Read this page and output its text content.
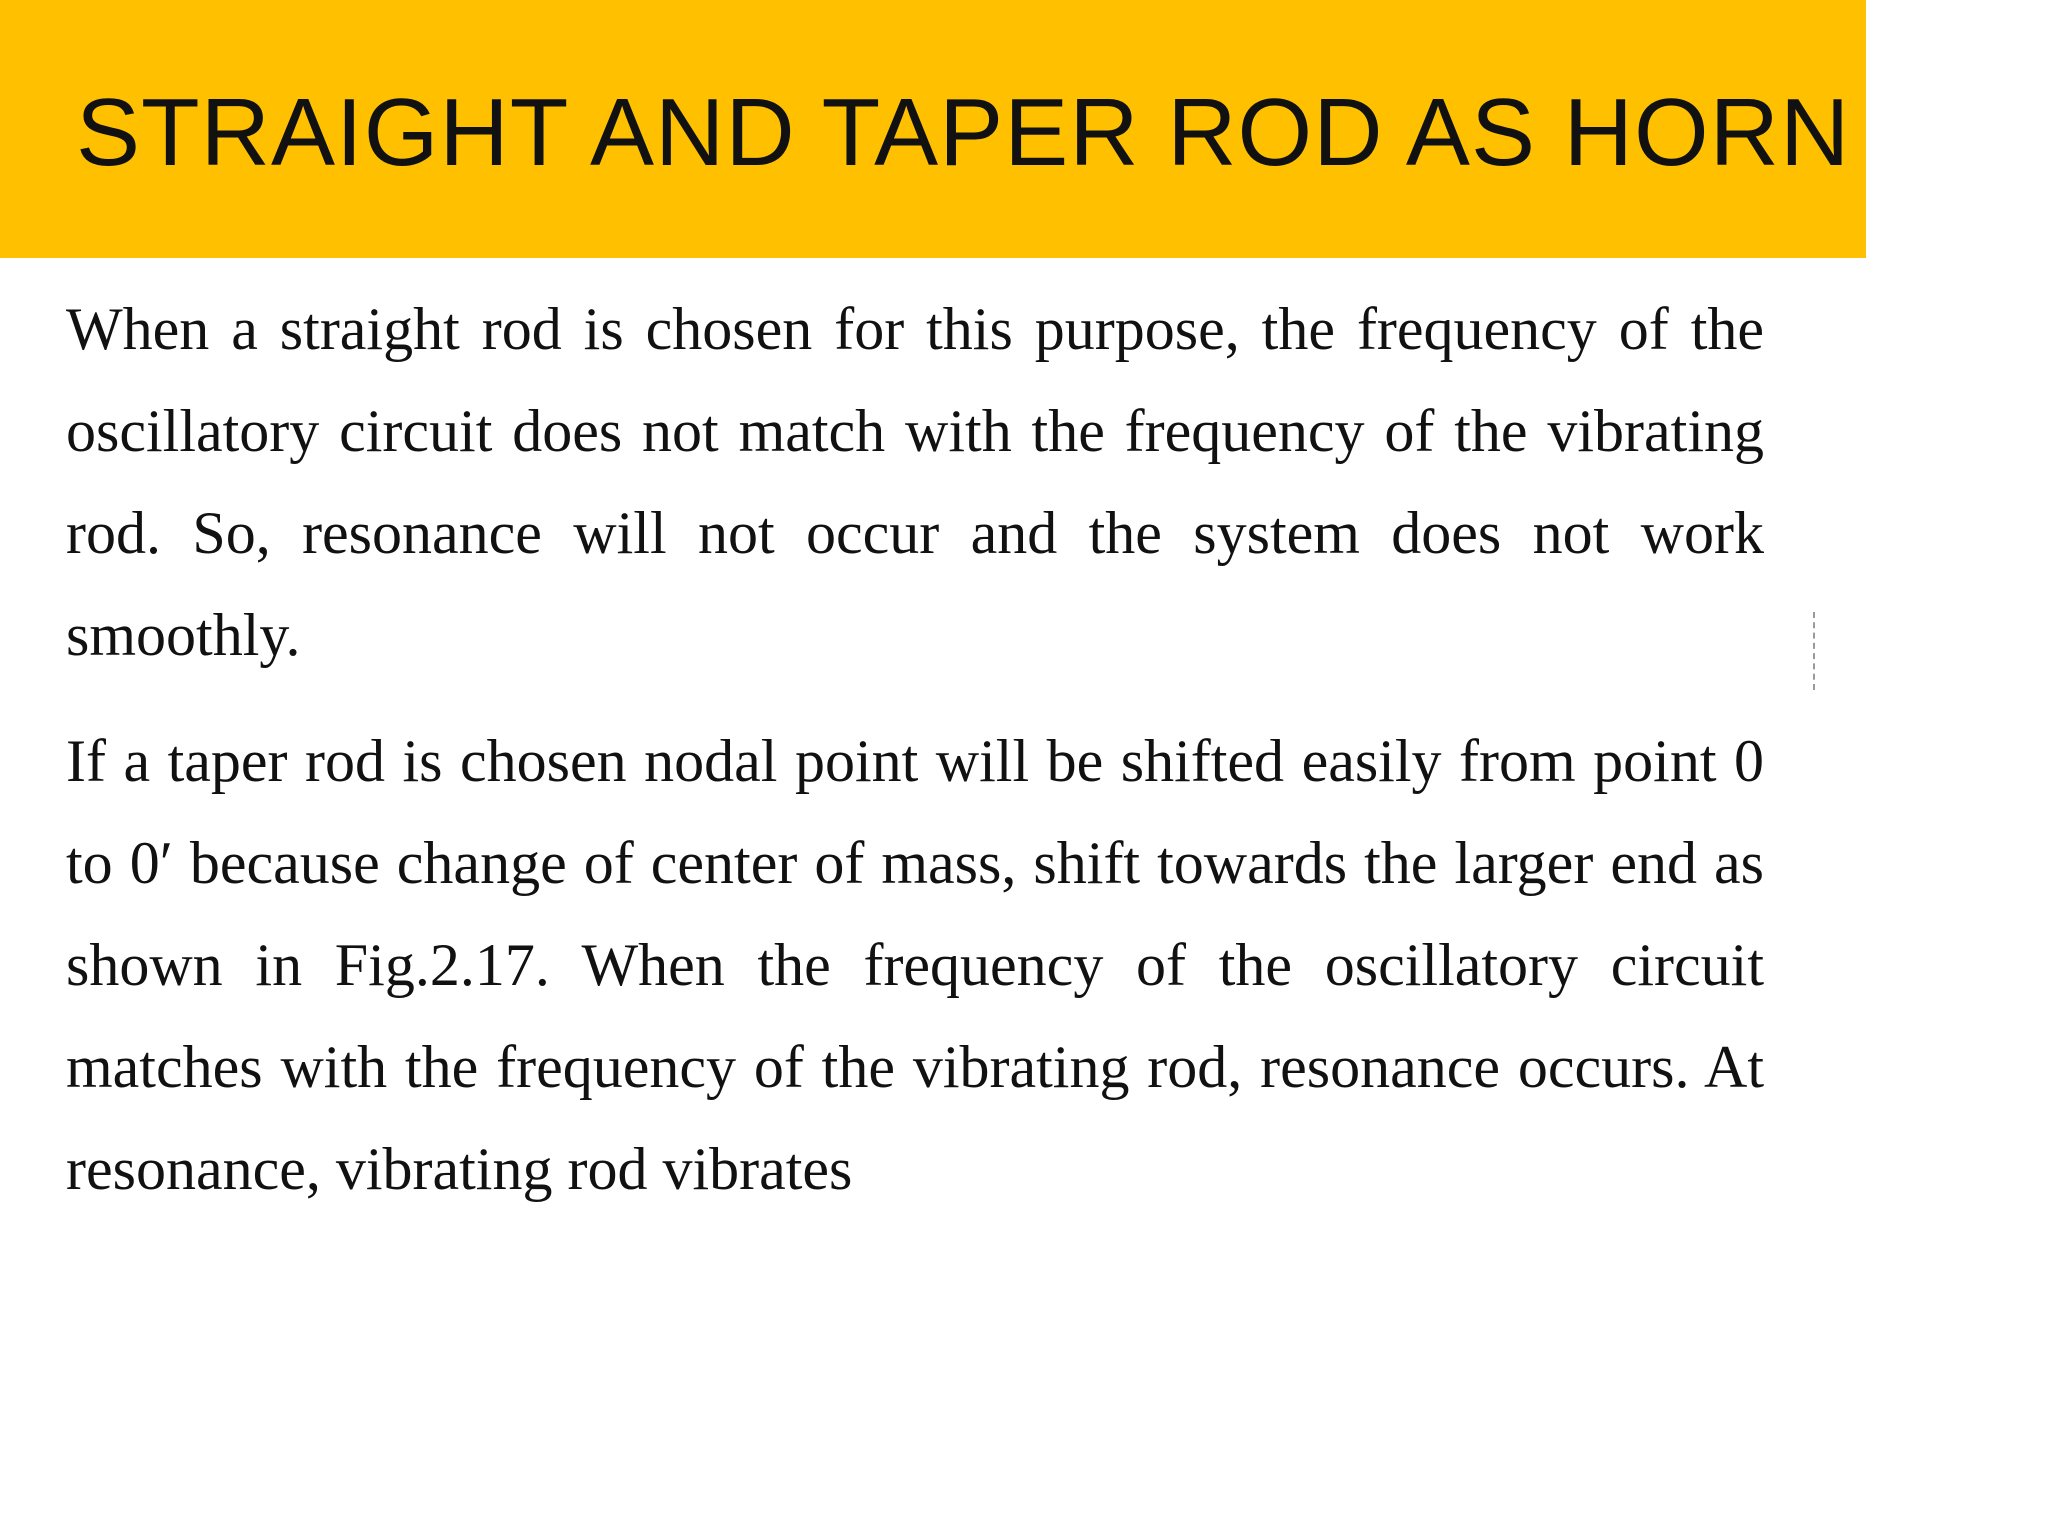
STRAIGHT AND TAPER ROD AS HORN

When a straight rod is chosen for this purpose, the frequency of the oscillatory circuit does not match with the frequency of the vibrating rod. So, resonance will not occur and the system does not work smoothly.

If a taper rod is chosen nodal point will be shifted easily from point 0 to 0′ because change of center of mass, shift towards the larger end as shown in Fig.2.17. When the frequency of the oscillatory circuit matches with the frequency of the vibrating rod, resonance occurs. At resonance, vibrating rod vibrates
